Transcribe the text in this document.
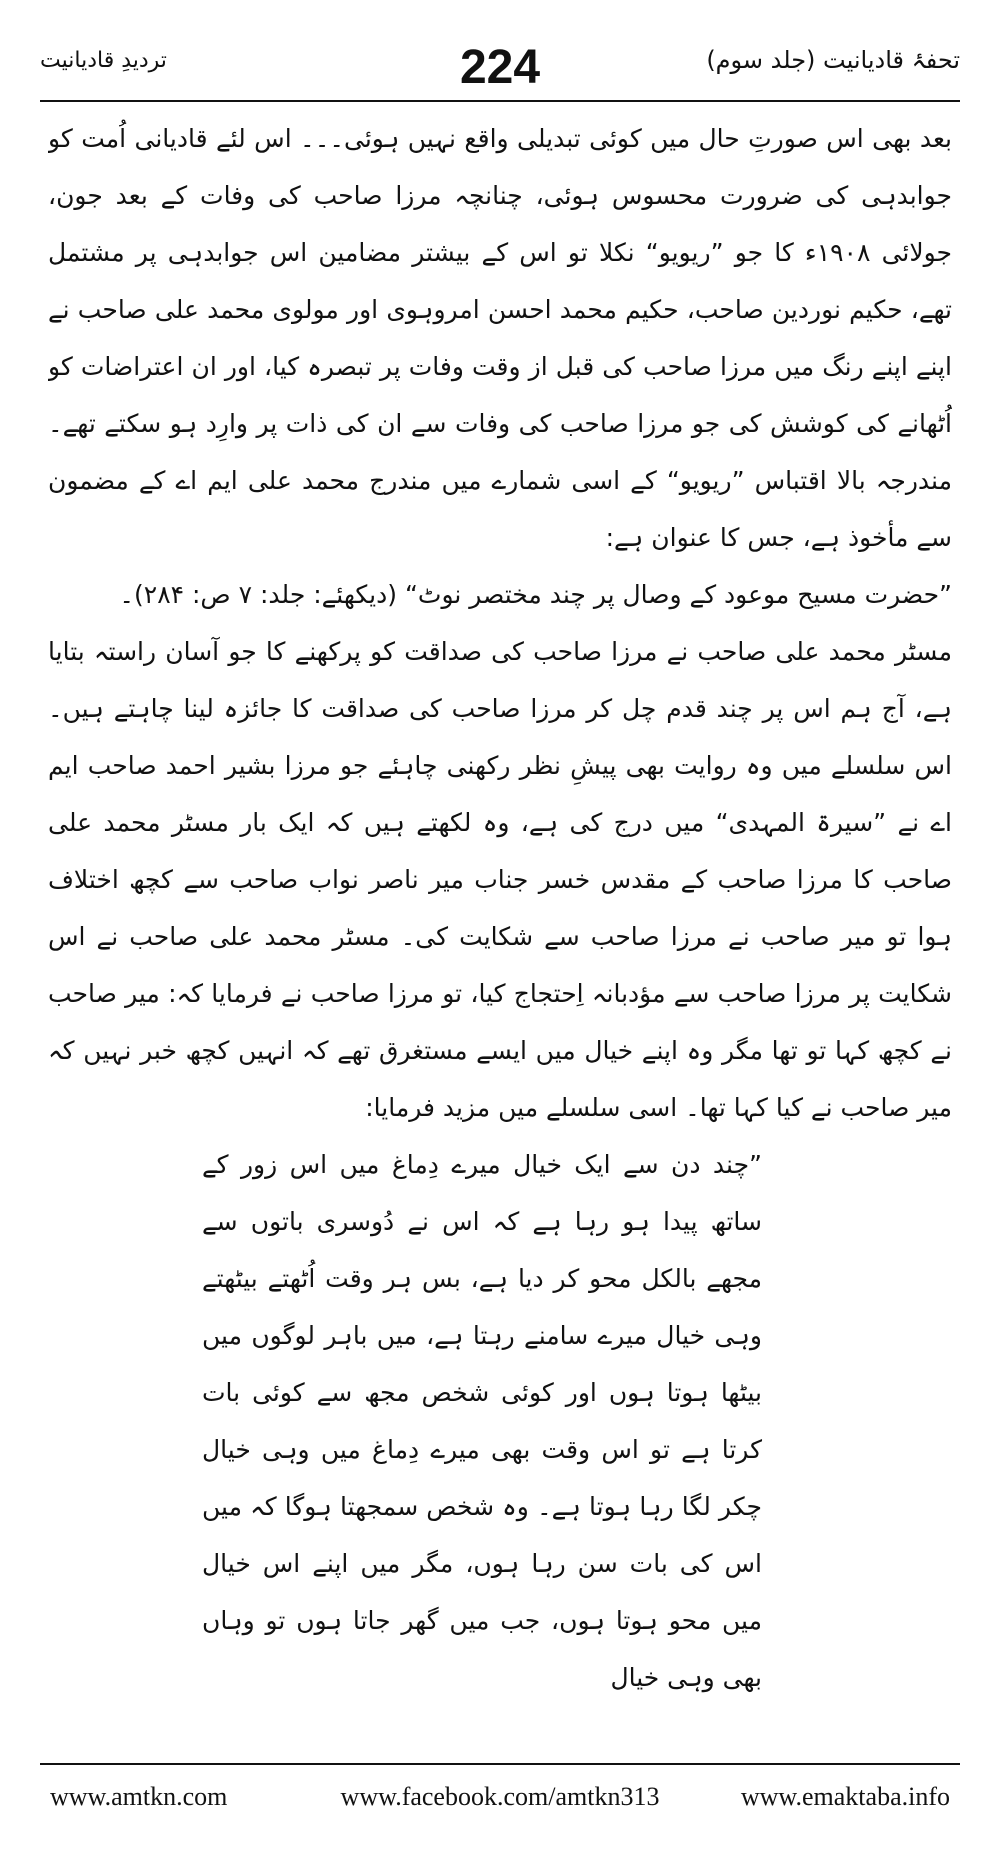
تحفۂ قادیانیت (جلد سوم)
224
تردیدِ قادیانیت

بعد بھی اس صورتِ حال میں کوئی تبدیلی واقع نہیں ہوئی۔۔۔ اس لئے قادیانی اُمت کو جوابدہی کی ضرورت محسوس ہوئی، چنانچہ مرزا صاحب کی وفات کے بعد جون، جولائی ۱۹۰۸ء کا جو ”ریویو“ نکلا تو اس کے بیشتر مضامین اس جوابدہی پر مشتمل تھے، حکیم نوردین صاحب، حکیم محمد احسن امروہوی اور مولوی محمد علی صاحب نے اپنے اپنے رنگ میں مرزا صاحب کی قبل از وقت وفات پر تبصرہ کیا، اور ان اعتراضات کو اُٹھانے کی کوشش کی جو مرزا صاحب کی وفات سے ان کی ذات پر وارِد ہو سکتے تھے۔ مندرجہ بالا اقتباس ”ریویو“ کے اسی شمارے میں مندرج محمد علی ایم اے کے مضمون سے مأخوذ ہے، جس کا عنوان ہے:

”حضرت مسیح موعود کے وصال پر چند مختصر نوٹ“ (دیکھئے: جلد: ۷ ص: ۲۸۴)۔

مسٹر محمد علی صاحب نے مرزا صاحب کی صداقت کو پرکھنے کا جو آسان راستہ بتایا ہے، آج ہم اس پر چند قدم چل کر مرزا صاحب کی صداقت کا جائزہ لینا چاہتے ہیں۔ اس سلسلے میں وہ روایت بھی پیشِ نظر رکھنی چاہئے جو مرزا بشیر احمد صاحب ایم اے نے ”سیرۃ المہدی“ میں درج کی ہے، وہ لکھتے ہیں کہ ایک بار مسٹر محمد علی صاحب کا مرزا صاحب کے مقدس خسر جناب میر ناصر نواب صاحب سے کچھ اختلاف ہوا تو میر صاحب نے مرزا صاحب سے شکایت کی۔ مسٹر محمد علی صاحب نے اس شکایت پر مرزا صاحب سے مؤدبانہ اِحتجاج کیا، تو مرزا صاحب نے فرمایا کہ: میر صاحب نے کچھ کہا تو تھا مگر وہ اپنے خیال میں ایسے مستغرق تھے کہ انہیں کچھ خبر نہیں کہ میر صاحب نے کیا کہا تھا۔ اسی سلسلے میں مزید فرمایا:

”چند دن سے ایک خیال میرے دِماغ میں اس زور کے ساتھ پیدا ہو رہا ہے کہ اس نے دُوسری باتوں سے مجھے بالکل محو کر دیا ہے، بس ہر وقت اُٹھتے بیٹھتے وہی خیال میرے سامنے رہتا ہے، میں باہر لوگوں میں بیٹھا ہوتا ہوں اور کوئی شخص مجھ سے کوئی بات کرتا ہے تو اس وقت بھی میرے دِماغ میں وہی خیال چکر لگا رہا ہوتا ہے۔ وہ شخص سمجھتا ہوگا کہ میں اس کی بات سن رہا ہوں، مگر میں اپنے اس خیال میں محو ہوتا ہوں، جب میں گھر جاتا ہوں تو وہاں بھی وہی خیال

www.amtkn.com	www.facebook.com/amtkn313	www.emaktaba.info
